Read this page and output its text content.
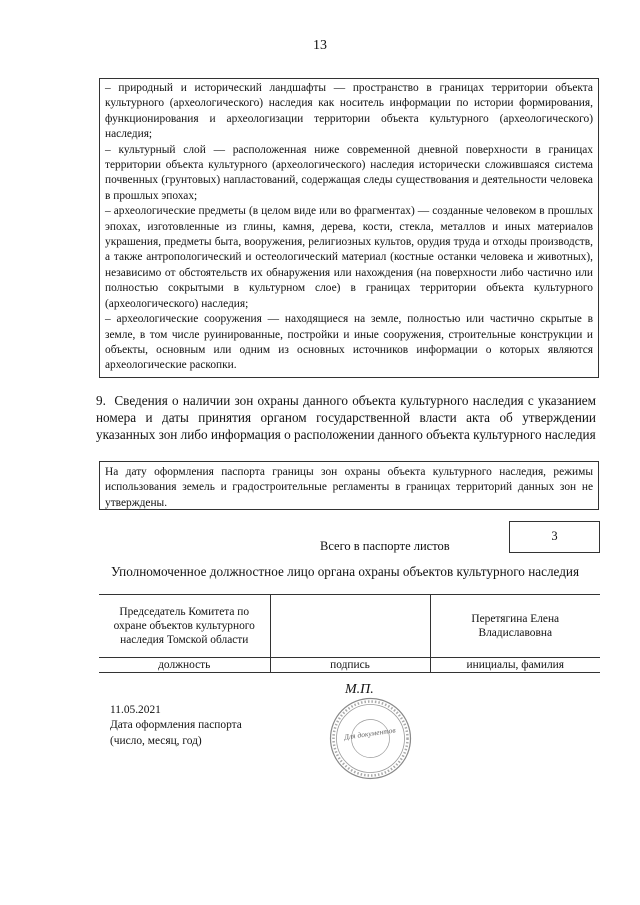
13

– природный и исторический ландшафты — пространство в границах территории объекта культурного (археологического) наследия как носитель информации по истории формирования, функционирования и археологизации территории объекта культурного (археологического) наследия;

– культурный слой — расположенная ниже современной дневной поверхности в границах территории объекта культурного (археологического) наследия исторически сложившаяся система почвенных (грунтовых) напластований, содержащая следы существования и деятельности человека в прошлых эпохах;

– археологические предметы (в целом виде или во фрагментах) — созданные человеком в прошлых эпохах, изготовленные из глины, камня, дерева, кости, стекла, металлов и иных материалов украшения, предметы быта, вооружения, религиозных культов, орудия труда и отходы производств, а также антропологический и остеологический материал (костные останки человека и животных), независимо от обстоятельств их обнаружения или нахождения (на поверхности либо частично или полностью сокрытыми в культурном слое) в границах территории объекта культурного (археологического) наследия;

– археологические сооружения — находящиеся на земле, полностью или частично скрытые в земле, в том числе руинированные, постройки и иные сооружения, строительные конструкции и объекты, основным или одним из основных источников информации о которых являются археологические раскопки.

9. Сведения о наличии зон охраны данного объекта культурного наследия с указанием номера и даты принятия органом государственной власти акта об утверждении указанных зон либо информация о расположении данного объекта культурного наследия
На дату оформления паспорта границы зон охраны объекта культурного наследия, режимы использования земель и градостроительные регламенты в границах территорий данных зон не утверждены.
Всего в паспорте листов
3
Уполномоченное должностное лицо органа охраны объектов культурного наследия
Председатель Комитета по охране объектов культурного наследия Томской области		Перетягина Елена Владиславовна
должность	подпись	инициалы, фамилия
М.П.
11.05.2021
Дата оформления паспорта
(число, месяц, год)	Для документов
